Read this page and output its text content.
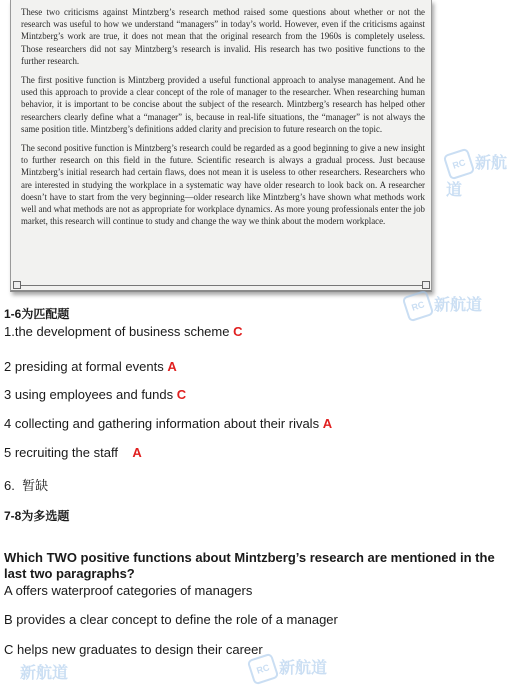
These two criticisms against Mintzberg’s research method raised some questions about whether or not the research was useful to how we understand “managers” in today’s world. However, even if the criticisms against Mintzberg’s work are true, it does not mean that the original research from the 1960s is completely useless. Those researchers did not say Mintzberg’s research is invalid. His research has two positive functions to the further research.

The first positive function is Mintzberg provided a useful functional approach to analyse management. And he used this approach to provide a clear concept of the role of manager to the researcher. When researching human behavior, it is important to be concise about the subject of the research. Mintzberg’s research has helped other researchers clearly define what a “manager” is, because in real-life situations, the “manager” is not always the same position title. Mintzberg’s definitions added clarity and precision to future research on the topic.

The second positive function is Mintzberg’s research could be regarded as a good beginning to give a new insight to further research on this field in the future. Scientific research is always a gradual process. Just because Mintzberg’s initial research had certain flaws, does not mean it is useless to other researchers. Researchers who are interested in studying the workplace in a systematic way have older research to look back on. A researcher doesn’t have to start from the very beginning—older research like Mintzberg’s have shown what methods work well and what methods are not as appropriate for workplace dynamics. As more young professionals enter the job market, this research will continue to study and change the way we think about the modern workplace.

1-6为匹配题

1.the development of business scheme C

2 presiding at formal events A

3 using employees and funds C

4 collecting and gathering information about their rivals A

5 recruiting the staff    A

6.  暂缺

7-8为多选题

Which TWO positive functions about Mintzberg’s research are mentioned in the last two paragraphs?

A offers waterproof categories of managers

B provides a clear concept to define the role of a manager

C helps new graduates to design their career

RC 新航道
RC 新航道
RC 新航道
新航道
